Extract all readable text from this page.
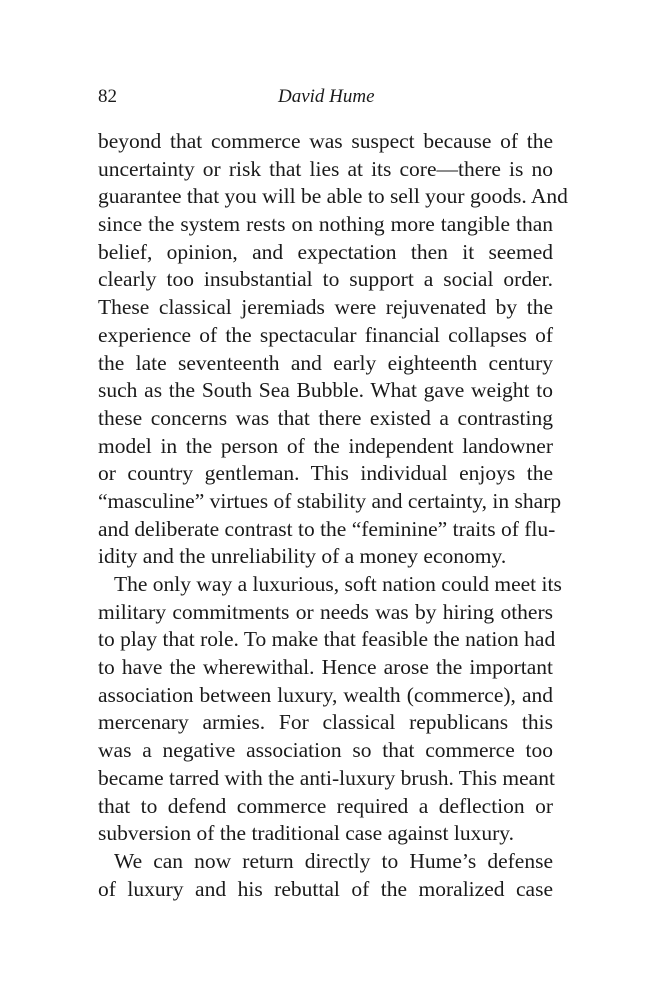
82	David Hume
beyond that commerce was suspect because of the
uncertainty or risk that lies at its core—there is no
guarantee that you will be able to sell your goods. And
since the system rests on nothing more tangible than
belief, opinion, and expectation then it seemed
clearly too insubstantial to support a social order.
These classical jeremiads were rejuvenated by the
experience of the spectacular financial collapses of
the late seventeenth and early eighteenth century
such as the South Sea Bubble. What gave weight to
these concerns was that there existed a contrasting
model in the person of the independent landowner
or country gentleman. This individual enjoys the
“masculine” virtues of stability and certainty, in sharp
and deliberate contrast to the “feminine” traits of flu-
idity and the unreliability of a money economy.
The only way a luxurious, soft nation could meet its
military commitments or needs was by hiring others
to play that role. To make that feasible the nation had
to have the wherewithal. Hence arose the important
association between luxury, wealth (commerce), and
mercenary armies. For classical republicans this
was a negative association so that commerce too
became tarred with the anti-luxury brush. This meant
that to defend commerce required a deflection or
subversion of the traditional case against luxury.
We can now return directly to Hume’s defense
of luxury and his rebuttal of the moralized case
